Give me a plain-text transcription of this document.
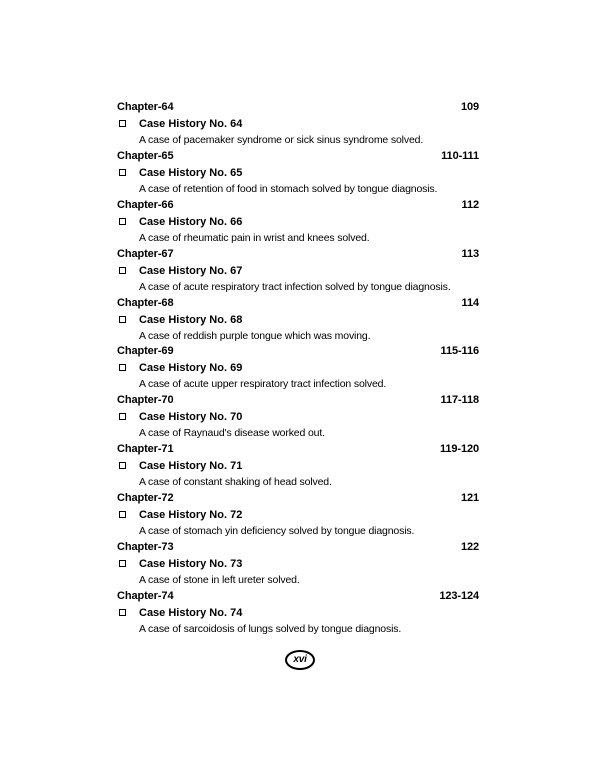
Chapter-64	109
Case History No. 64
A case of pacemaker syndrome or sick sinus syndrome solved.
Chapter-65	110-111
Case History No. 65
A case of retention of food in stomach solved by tongue diagnosis.
Chapter-66	112
Case History No. 66
A case of rheumatic pain in wrist and knees solved.
Chapter-67	113
Case History No. 67
A case of acute respiratory tract infection solved by tongue diagnosis.
Chapter-68	114
Case History No. 68
A case of reddish purple tongue which was moving.
Chapter-69	115-116
Case History No. 69
A case of acute upper respiratory tract infection solved.
Chapter-70	117-118
Case History No. 70
A case of Raynaud's disease worked out.
Chapter-71	119-120
Case History No. 71
A case of constant shaking of head solved.
Chapter-72	121
Case History No. 72
A case of stomach yin deficiency solved by tongue diagnosis.
Chapter-73	122
Case History No. 73
A case of stone in left ureter solved.
Chapter-74	123-124
Case History No. 74
A case of sarcoidosis of lungs solved by tongue diagnosis.
xvi
